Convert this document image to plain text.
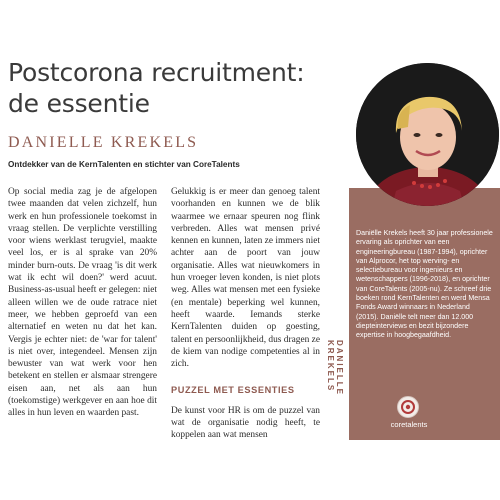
Postcorona recruitment:
de essentie
DANIELLE KREKELS
Ontdekker van de KernTalenten en stichter van CoreTalents

Op social media zag je de afgelopen twee maanden dat velen zichzelf, hun werk en hun professionele toekomst in vraag stellen. De verplichte verstilling voor wiens werklast terugviel, maakte veel los, er is al sprake van 20% minder burn-outs. De vraag 'is dit werk wat ik echt wil doen?' werd acuut. Business-as-usual heeft er gelegen: niet alleen willen we de oude ratrace niet meer, we hebben geproefd van een alternatief en weten nu dat het kan. Vergis je echter niet: de 'war for talent' is niet over, integendeel. Mensen zijn bewuster van wat werk voor hen betekent en stellen er alsmaar strengere eisen aan, net als aan hun (toekomstige) werkgever en aan hoe dit alles in hun leven en waarden past.

Gelukkig is er meer dan genoeg talent voorhanden en kunnen we de blik waarmee we ernaar speuren nog flink verbreden. Alles wat mensen privé kennen en kunnen, laten ze immers niet achter aan de poort van jouw organisatie. Alles wat nieuwkomers in hun vroeger leven konden, is niet plots weg. Alles wat mensen met een fysieke (en mentale) beperking wel kunnen, heeft waarde. Iemands sterke KernTalenten duiden op goesting, talent en persoonlijkheid, dus dragen ze de kiem van nodige competenties al in zich.

PUZZEL MET ESSENTIES

De kunst voor HR is om de puzzel van wat de organisatie nodig heeft, te koppelen aan wat mensen

DANIELLE KREKELS
Daniëlle Krekels heeft 30 jaar professionele ervaring als oprichter van een engineeringbureau (1987-1994), oprichter van Alprocor, het top werving- en selectiebureau voor ingenieurs en wetenschappers (1996-2018), en oprichter van CoreTalents (2005-nu). Ze schreef drie boeken rond KernTalenten en werd Mensa Fonds Award winnaars in Nederland (2015). Daniëlle telt meer dan 12.000 diepteinterviews en bezit bijzondere expertise in hoogbegaafdheid.
coretalents
